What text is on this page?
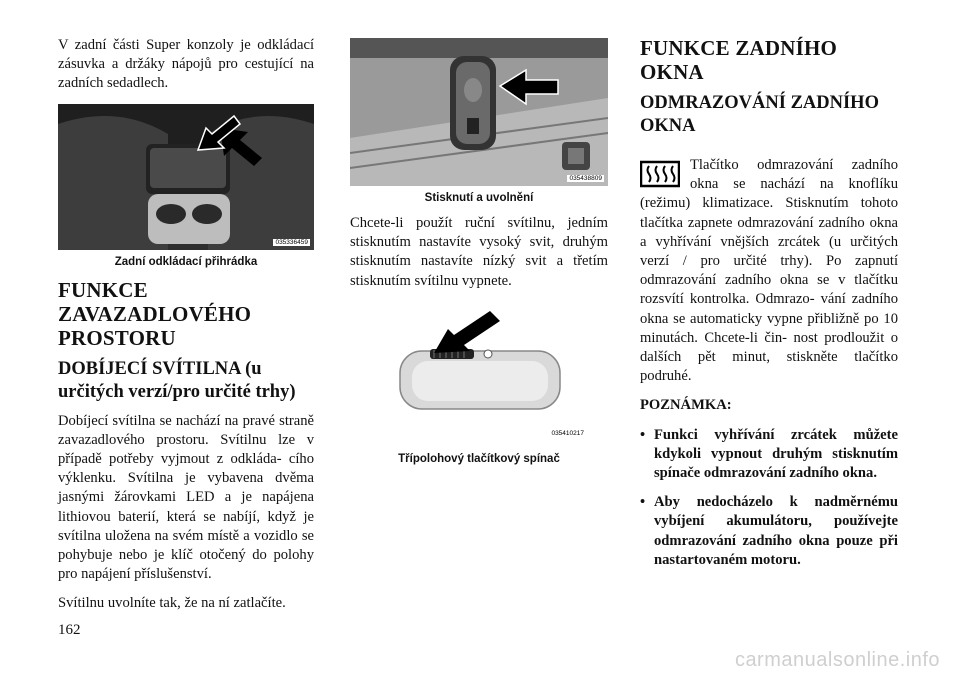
V zadní části Super konzoly je odkládací zásuvka a držáky nápojů pro cestující na zadních sedadlech.

035336459
Zadní odkládací přihrádka
FUNKCE ZAVAZADLOVÉHO PROSTORU
DOBÍJECÍ SVÍTILNA (u určitých verzí/pro určité trhy)

Dobíjecí svítilna se nachází na pravé straně zavazadlového prostoru. Svítilnu lze v případě potřeby vyjmout z odkláda- cího výklenku. Svítilna je vybavena dvěma jasnými žárovkami LED a je napájena lithiovou baterií, která se nabíjí, když je svítilna uložena na svém místě a vozidlo se pohybuje nebo je klíč otočený do polohy pro napájení příslušenství.

Svítilnu uvolníte tak, že na ní zatlačíte.

035438809
Stisknutí a uvolnění

Chcete-li použít ruční svítilnu, jedním stisknutím nastavíte vysoký svit, druhým stisknutím nastavíte nízký svit a třetím stisknutím svítilnu vypnete.

035410217
Třípolohový tlačítkový spínač
FUNKCE ZADNÍHO OKNA
ODMRAZOVÁNÍ ZADNÍHO OKNA

Tlačítko odmrazování zadního okna se nachází na knoflíku (režimu) klimatizace. Stisknutím tohoto tlačítka zapnete odmrazování zadního okna a vyhřívání vnějších zrcátek (u určitých verzí / pro určité trhy). Po zapnutí odmrazování zadního okna se v tlačítku rozsvítí kontrolka. Odmrazo- vání zadního okna se automaticky vypne přibližně po 10 minutách. Chcete-li čin- nost prodloužit o dalších pět minut, stiskněte tlačítko podruhé.

POZNÁMKA:

• Funkci vyhřívání zrcátek můžete kdykoli vypnout druhým stisknutím spínače odmrazování zadního okna.
• Aby nedocházelo k nadměrnému vybíjení akumulátoru, používejte odmrazování zadního okna pouze při nastartovaném motoru.
162
carmanualsonline.info
